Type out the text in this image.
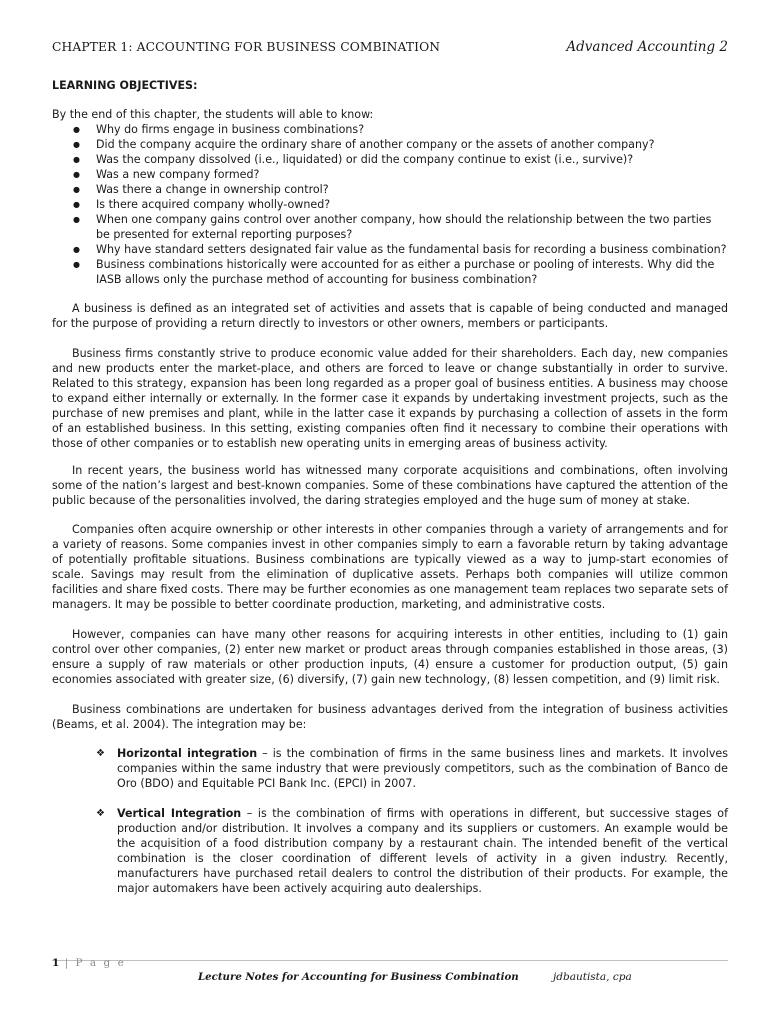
CHAPTER 1: ACCOUNTING FOR BUSINESS COMBINATION	Advanced Accounting 2
LEARNING OBJECTIVES:
By the end of this chapter, the students will able to know:
● Why do firms engage in business combinations?
● Did the company acquire the ordinary share of another company or the assets of another company?
● Was the company dissolved (i.e., liquidated) or did the company continue to exist (i.e., survive)?
● Was a new company formed?
● Was there a change in ownership control?
● Is there acquired company wholly-owned?
● When one company gains control over another company, how should the relationship between the two parties be presented for external reporting purposes?
● Why have standard setters designated fair value as the fundamental basis for recording a business combination?
● Business combinations historically were accounted for as either a purchase or pooling of interests. Why did the IASB allows only the purchase method of accounting for business combination?
A business is defined as an integrated set of activities and assets that is capable of being conducted and managed for the purpose of providing a return directly to investors or other owners, members or participants.
Business firms constantly strive to produce economic value added for their shareholders. Each day, new companies and new products enter the market-place, and others are forced to leave or change substantially in order to survive. Related to this strategy, expansion has been long regarded as a proper goal of business entities. A business may choose to expand either internally or externally. In the former case it expands by undertaking investment projects, such as the purchase of new premises and plant, while in the latter case it expands by purchasing a collection of assets in the form of an established business. In this setting, existing companies often find it necessary to combine their operations with those of other companies or to establish new operating units in emerging areas of business activity.
In recent years, the business world has witnessed many corporate acquisitions and combinations, often involving some of the nation’s largest and best-known companies. Some of these combinations have captured the attention of the public because of the personalities involved, the daring strategies employed and the huge sum of money at stake.
Companies often acquire ownership or other interests in other companies through a variety of arrangements and for a variety of reasons. Some companies invest in other companies simply to earn a favorable return by taking advantage of potentially profitable situations. Business combinations are typically viewed as a way to jump-start economies of scale. Savings may result from the elimination of duplicative assets. Perhaps both companies will utilize common facilities and share fixed costs. There may be further economies as one management team replaces two separate sets of managers. It may be possible to better coordinate production, marketing, and administrative costs.
However, companies can have many other reasons for acquiring interests in other entities, including to (1) gain control over other companies, (2) enter new market or product areas through companies established in those areas, (3) ensure a supply of raw materials or other production inputs, (4) ensure a customer for production output, (5) gain economies associated with greater size, (6) diversify, (7) gain new technology, (8) lessen competition, and (9) limit risk.
Business combinations are undertaken for business advantages derived from the integration of business activities (Beams, et al. 2004). The integration may be:
❖ Horizontal integration – is the combination of firms in the same business lines and markets. It involves companies within the same industry that were previously competitors, such as the combination of Banco de Oro (BDO) and Equitable PCI Bank Inc. (EPCI) in 2007.
❖ Vertical Integration – is the combination of firms with operations in different, but successive stages of production and/or distribution. It involves a company and its suppliers or customers. An example would be the acquisition of a food distribution company by a restaurant chain. The intended benefit of the vertical combination is the closer coordination of different levels of activity in a given industry. Recently, manufacturers have purchased retail dealers to control the distribution of their products. For example, the major automakers have been actively acquiring auto dealerships.
1 | P a g e
Lecture Notes for Accounting for Business Combination	jdbautista, cpa
